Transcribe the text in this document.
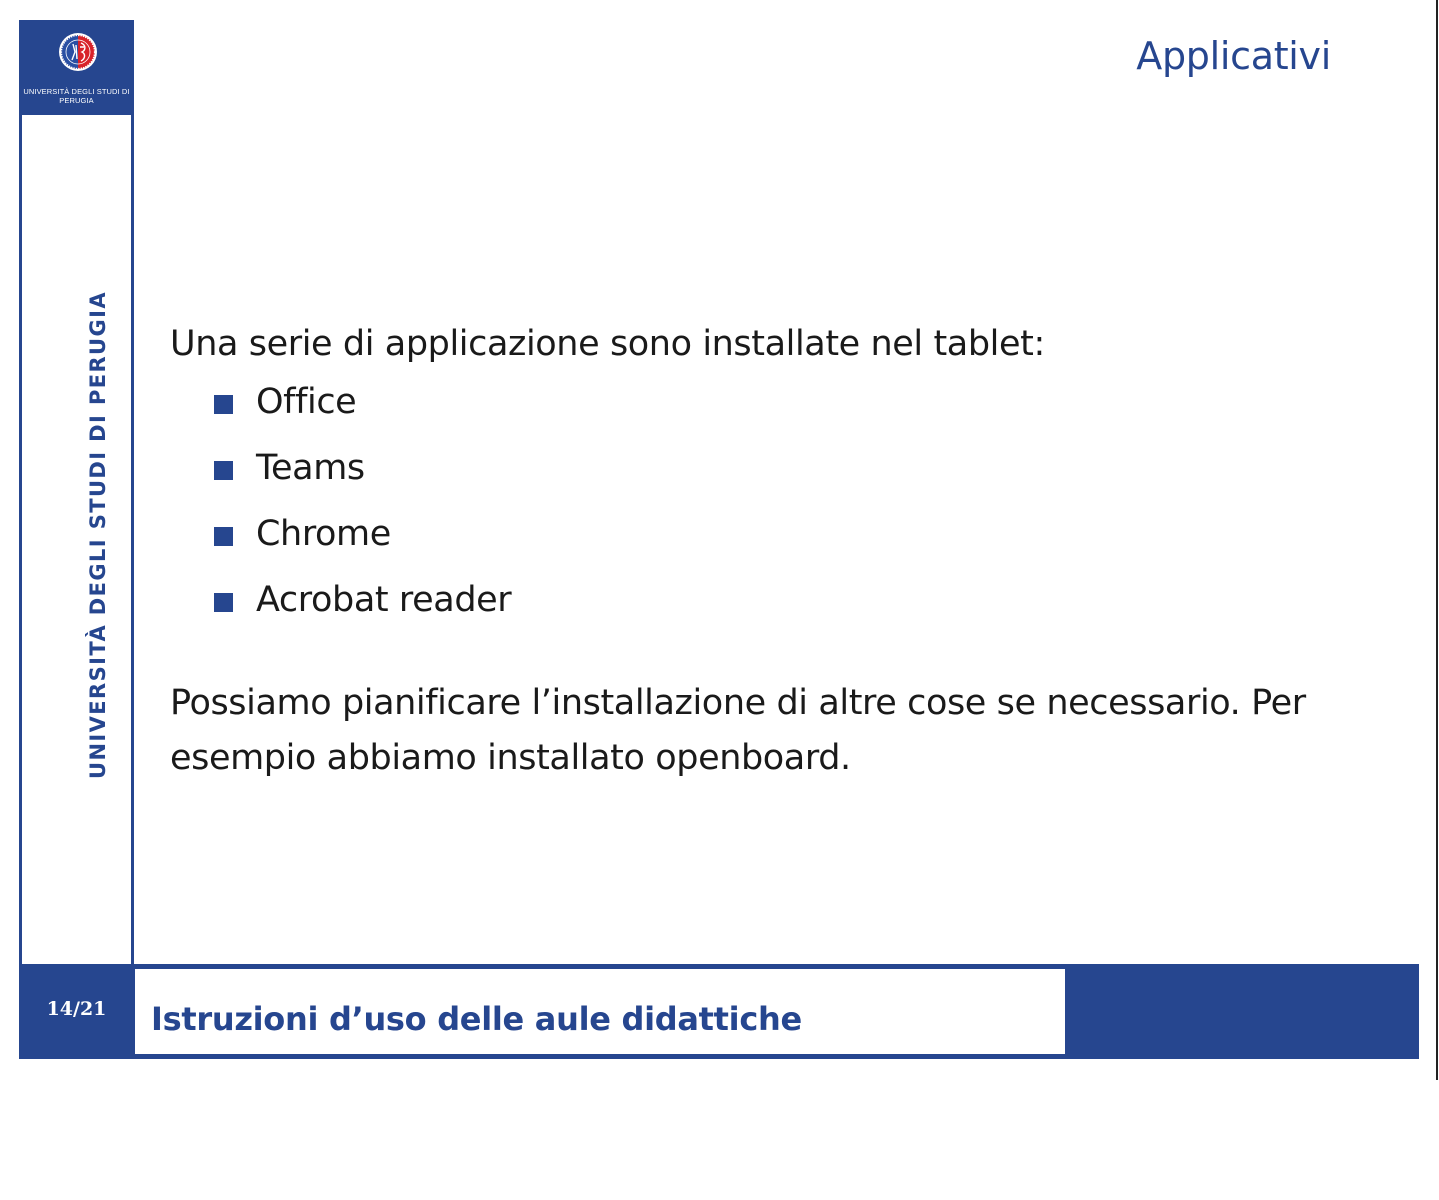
UNIVERSITÀ DEGLI STUDI DI PERUGIA
UNIVERSITÀ DEGLI STUDI DI PERUGIA
Applicativi

Una serie di applicazione sono installate nel tablet:

Office
Teams
Chrome
Acrobat reader

Possiamo pianificare l’installazione di altre cose se necessario. Per esempio abbiamo installato openboard.

14/21	Istruzioni d’uso delle aule didattiche
